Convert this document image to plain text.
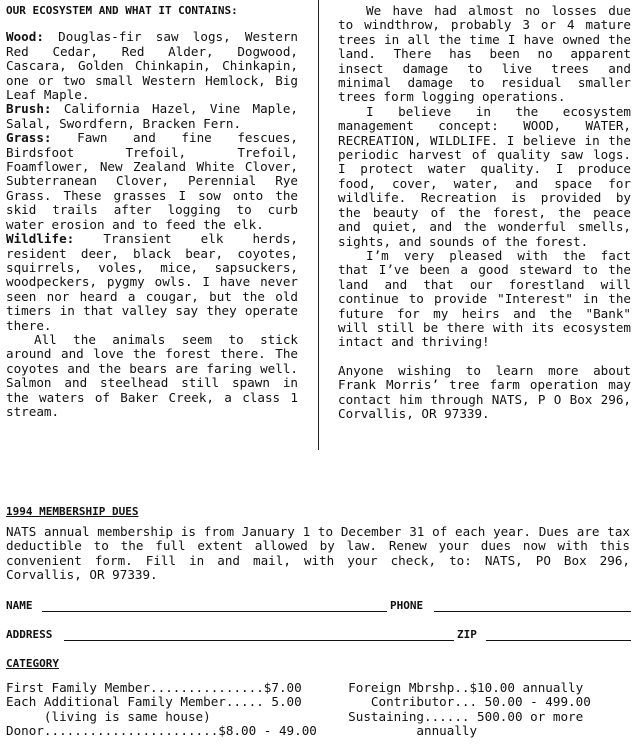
OUR ECOSYSTEM AND WHAT IT CONTAINS:

Wood: Douglas-fir saw logs, Western Red Cedar, Red Alder, Dogwood, Cascara, Golden Chinkapin, Chinkapin, one or two small Western Hemlock, Big Leaf Maple.

Brush: California Hazel, Vine Maple, Salal, Swordfern, Bracken Fern.

Grass: Fawn and fine fescues, Birdsfoot Trefoil, Trefoil, Foamflower, New Zealand White Clover, Subterranean Clover, Perennial Rye Grass. These grasses I sow onto the skid trails after logging to curb water erosion and to feed the elk.

Wildlife: Transient elk herds, resident deer, black bear, coyotes, squirrels, voles, mice, sapsuckers, woodpeckers, pygmy owls. I have never seen nor heard a cougar, but the old timers in that valley say they operate there.

All the animals seem to stick around and love the forest there. The coyotes and the bears are faring well. Salmon and steelhead still spawn in the waters of Baker Creek, a class 1 stream.

We have had almost no losses due to windthrow, probably 3 or 4 mature trees in all the time I have owned the land. There has been no apparent insect damage to live trees and minimal damage to residual smaller trees form logging operations.

I believe in the ecosystem management concept: WOOD, WATER, RECREATION, WILDLIFE. I believe in the periodic harvest of quality saw logs. I protect water quality. I produce food, cover, water, and space for wildlife. Recreation is provided by the beauty of the forest, the peace and quiet, and the wonderful smells, sights, and sounds of the forest.

I’m very pleased with the fact that I’ve been a good steward to the land and that our forestland will continue to provide "Interest" in the future for my heirs and the "Bank" will still be there with its ecosystem intact and thriving!

Anyone wishing to learn more about Frank Morris’ tree farm operation may contact him through NATS, P O Box 296, Corvallis, OR 97339.

1994 MEMBERSHIP DUES

NATS annual membership is from January 1 to December 31 of each year. Dues are tax deductible to the full extent allowed by law. Renew your dues now with this convenient form. Fill in and mail, with your check, to: NATS, PO Box 296, Corvallis, OR 97339.

NAME	PHONE
ADDRESS	ZIP
CATEGORY
First Family Member...............$7.00
Each Additional Family Member..... 5.00
(living is same house)
Donor.......................$8.00 - 49.00
Foreign Mbrshp..$10.00 annually
Contributor... 50.00 - 499.00
Sustaining...... 500.00 or more
annually
